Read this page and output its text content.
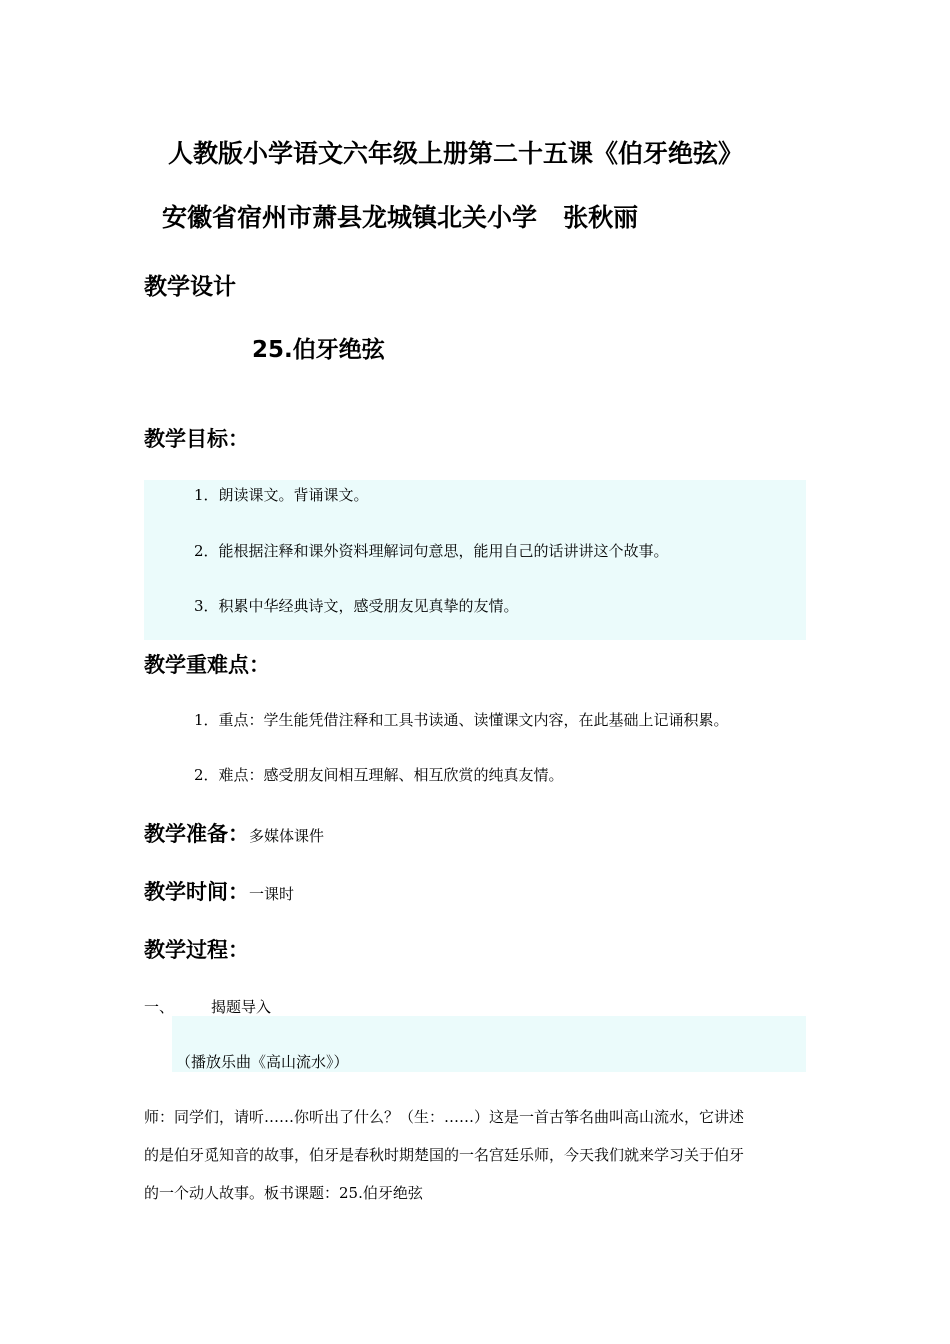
人教版小学语文六年级上册第二十五课《伯牙绝弦》
安徽省宿州市萧县龙城镇北关小学   张秋丽
教学设计
25.伯牙绝弦
教学目标：
1．朗读课文。背诵课文。
2．能根据注释和课外资料理解词句意思，能用自己的话讲讲这个故事。
3．积累中华经典诗文，感受朋友见真挚的友情。
教学重难点：
1．重点：学生能凭借注释和工具书读通、读懂课文内容，在此基础上记诵积累。
2．难点：感受朋友间相互理解、相互欣赏的纯真友情。
教学准备：多媒体课件
教学时间：一课时
教学过程：
一、 揭题导入
（播放乐曲《高山流水》）
师：同学们，请听……你听出了什么？（生：……）这是一首古筝名曲叫高山流水，它讲述
的是伯牙觅知音的故事，伯牙是春秋时期楚国的一名宫廷乐师，今天我们就来学习关于伯牙
的一个动人故事。板书课题：25.伯牙绝弦
